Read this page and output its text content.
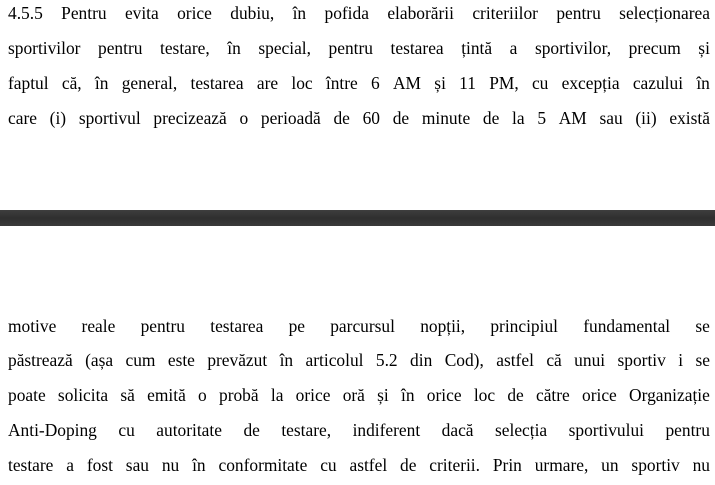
4.5.5 Pentru evita orice dubiu, în pofida elaborării criteriilor pentru selecționarea
sportivilor pentru testare, în special, pentru testarea țintă a sportivilor, precum și
faptul că, în general, testarea are loc între 6 AM și 11 PM, cu excepția cazului în
care (i) sportivul precizează o perioadă de 60 de minute de la 5 AM sau (ii) există
motive reale pentru testarea pe parcursul nopții, principiul fundamental se
păstrează (așa cum este prevăzut în articolul 5.2 din Cod), astfel că unui sportiv i se
poate solicita să emită o probă la orice oră și în orice loc de către orice Organizație
Anti-Doping cu autoritate de testare, indiferent dacă selecția sportivului pentru
testare a fost sau nu în conformitate cu astfel de criterii. Prin urmare, un sportiv nu
